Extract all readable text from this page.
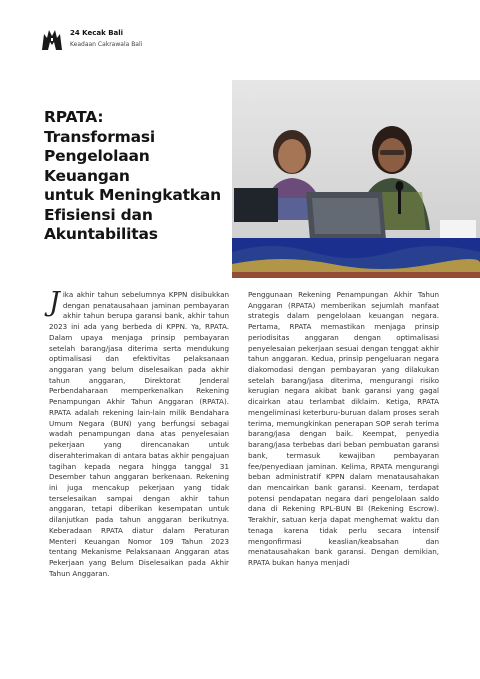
24 Kecak Bali
Keadaan Cakrawala Bali
RPATA:
Transformasi
Pengelolaan
Keuangan
untuk Meningkatkan
Efisiensi dan
Akuntabilitas

Jika akhir tahun sebelumnya KPPN disibukkan dengan penatausahaan jaminan pembayaran akhir tahun berupa garansi bank, akhir tahun 2023 ini ada yang berbeda di KPPN. Ya, RPATA. Dalam upaya menjaga prinsip pembayaran setelah barang/jasa diterima serta mendukung optimalisasi dan efektivitas pelaksanaan anggaran yang belum diselesaikan pada akhir tahun anggaran, Direktorat Jenderal Perbendaharaan memperkenalkan Rekening Penampungan Akhir Tahun Anggaran (RPATA). RPATA adalah rekening lain-lain milik Bendahara Umum Negara (BUN) yang berfungsi sebagai wadah penampungan dana atas penyelesaian pekerjaan yang direncanakan untuk diserahterimakan di antara batas akhir pengajuan tagihan kepada negara hingga tanggal 31 Desember tahun anggaran berkenaan. Rekening ini juga mencakup pekerjaan yang tidak terselesaikan sampai dengan akhir tahun anggaran, tetapi diberikan kesempatan untuk dilanjutkan pada tahun anggaran berikutnya. Keberadaan RPATA diatur dalam Peraturan Menteri Keuangan Nomor 109 Tahun 2023 tentang Mekanisme Pelaksanaan Anggaran atas Pekerjaan yang Belum Diselesaikan pada Akhir Tahun Anggaran.

Penggunaan Rekening Penampungan Akhir Tahun Anggaran (RPATA) memberikan sejumlah manfaat strategis dalam pengelolaan keuangan negara. Pertama, RPATA memastikan menjaga prinsip periodisitas anggaran dengan optimalisasi penyelesaian pekerjaan sesuai dengan tenggat akhir tahun anggaran. Kedua, prinsip pengeluaran negara diakomodasi dengan pembayaran yang dilakukan setelah barang/jasa diterima, mengurangi risiko kerugian negara akibat bank garansi yang gagal dicairkan atau terlambat diklaim. Ketiga, RPATA mengeliminasi keterburu-buruan dalam proses serah terima, memungkinkan penerapan SOP serah terima barang/jasa dengan baik. Keempat, penyedia barang/jasa terbebas dari beban pembuatan garansi bank, termasuk kewajiban pembayaran fee/penyediaan jaminan. Kelima, RPATA mengurangi beban administratif KPPN dalam menatausahakan dan mencairkan bank garansi. Keenam, terdapat potensi pendapatan negara dari pengelolaan saldo dana di Rekening RPL-BUN BI (Rekening Escrow). Terakhir, satuan kerja dapat menghemat waktu dan tenaga karena tidak perlu secara intensif mengonfirmasi keaslian/keabsahan dan menatausahakan bank garansi. Dengan demikian, RPATA bukan hanya menjadi
